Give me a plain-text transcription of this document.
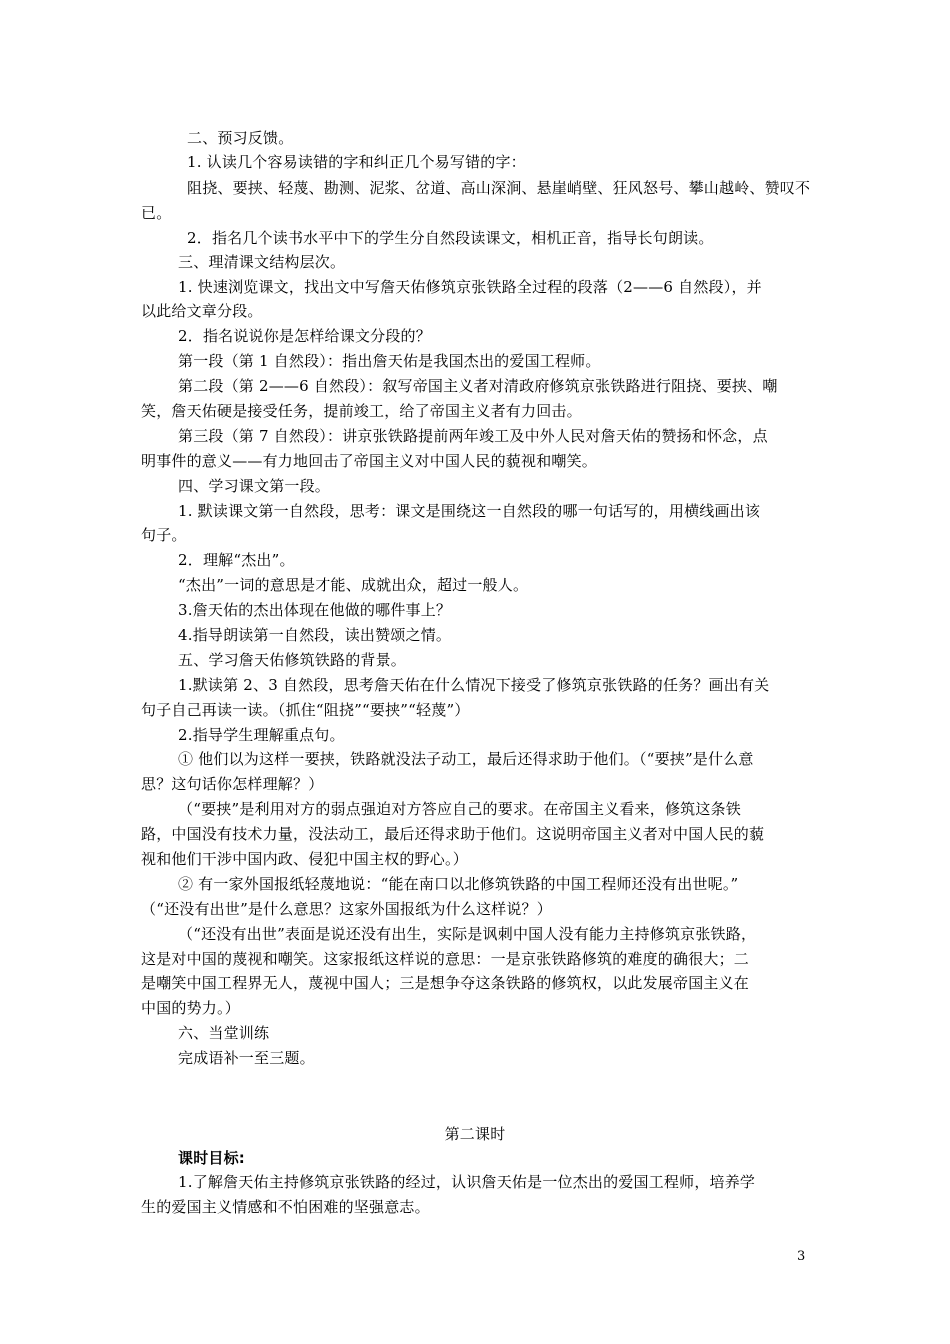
二、预习反馈。
1. 认读几个容易读错的字和纠正几个易写错的字：
阻挠、要挟、轻蔑、勘测、泥浆、岔道、高山深涧、悬崖峭壁、狂风怒号、攀山越岭、赞叹不
已。
2．指名几个读书水平中下的学生分自然段读课文，相机正音，指导长句朗读。
三、理清课文结构层次。
1. 快速浏览课文，找出文中写詹天佑修筑京张铁路全过程的段落（2——6 自然段），并
以此给文章分段。
2．指名说说你是怎样给课文分段的？
第一段（第 1 自然段）：指出詹天佑是我国杰出的爱国工程师。
第二段（第 2——6 自然段）：叙写帝国主义者对清政府修筑京张铁路进行阻挠、要挟、嘲
笑，詹天佑硬是接受任务，提前竣工，给了帝国主义者有力回击。
第三段（第 7 自然段）：讲京张铁路提前两年竣工及中外人民对詹天佑的赞扬和怀念，点
明事件的意义——有力地回击了帝国主义对中国人民的藐视和嘲笑。
四、学习课文第一段。
1. 默读课文第一自然段，思考：课文是围绕这一自然段的哪一句话写的，用横线画出该
句子。
2．理解“杰出”。
“杰出”一词的意思是才能、成就出众，超过一般人。
3.詹天佑的杰出体现在他做的哪件事上？
4.指导朗读第一自然段，读出赞颂之情。
五、学习詹天佑修筑铁路的背景。
1.默读第 2、3 自然段，思考詹天佑在什么情况下接受了修筑京张铁路的任务？画出有关
句子自己再读一读。（抓住“阻挠”“要挟”“轻蔑”）
2.指导学生理解重点句。
① 他们以为这样一要挟，铁路就没法子动工，最后还得求助于他们。（“要挟”是什么意
思？这句话你怎样理解？）
（“要挟”是利用对方的弱点强迫对方答应自己的要求。在帝国主义看来，修筑这条铁
路，中国没有技术力量，没法动工，最后还得求助于他们。这说明帝国主义者对中国人民的藐
视和他们干涉中国内政、侵犯中国主权的野心。）
② 有一家外国报纸轻蔑地说：“能在南口以北修筑铁路的中国工程师还没有出世呢。”
（“还没有出世”是什么意思？这家外国报纸为什么这样说？）
（“还没有出世”表面是说还没有出生，实际是讽刺中国人没有能力主持修筑京张铁路，
这是对中国的蔑视和嘲笑。这家报纸这样说的意思：一是京张铁路修筑的难度的确很大；二
是嘲笑中国工程界无人，蔑视中国人；三是想争夺这条铁路的修筑权，以此发展帝国主义在
中国的势力。）
六、当堂训练
完成语补一至三题。
第二课时
课时目标:
1.了解詹天佑主持修筑京张铁路的经过，认识詹天佑是一位杰出的爱国工程师，培养学
生的爱国主义情感和不怕困难的坚强意志。
3
